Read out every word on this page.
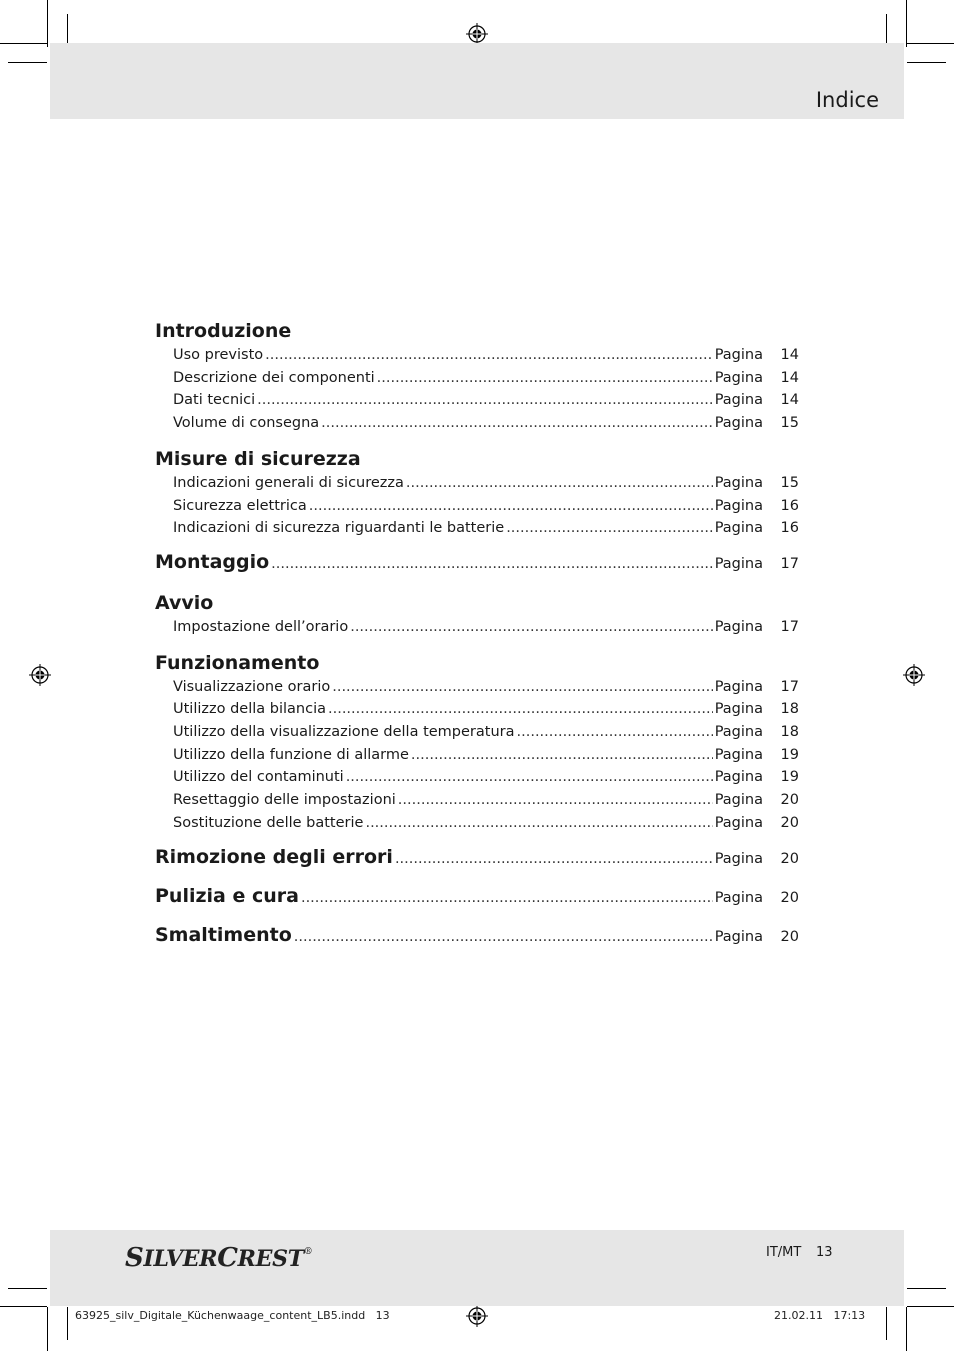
Indice
Introduzione
Uso previsto .....	Pagina	14
Descrizione dei componenti .....	Pagina	14
Dati tecnici .....	Pagina	14
Volume di consegna .....	Pagina	15
Misure di sicurezza
Indicazioni generali di sicurezza .....	Pagina	15
Sicurezza elettrica .....	Pagina	16
Indicazioni di sicurezza riguardanti le batterie .....	Pagina	16
Montaggio .....	Pagina	17
Avvio
Impostazione dell’orario .....	Pagina	17
Funzionamento
Visualizzazione orario .....	Pagina	17
Utilizzo della bilancia .....	Pagina	18
Utilizzo della visualizzazione della temperatura .....	Pagina	18
Utilizzo della funzione di allarme .....	Pagina	19
Utilizzo del contaminuti .....	Pagina	19
Resettaggio delle impostazioni .....	Pagina	20
Sostituzione delle batterie .....	Pagina	20
Rimozione degli errori .....	Pagina	20
Pulizia e cura .....	Pagina	20
Smaltimento .....	Pagina	20
SILVERCREST®	IT/MT 13
63925_silv_Digitale_Küchenwaage_content_LB5.indd   13	21.02.11   17:13
